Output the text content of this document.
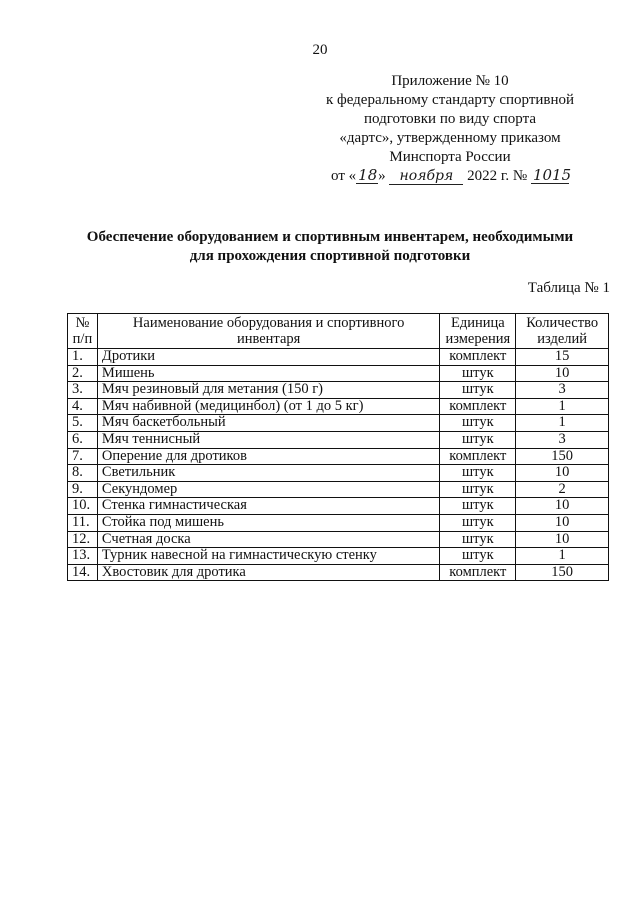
20
Приложение № 10
к федеральному стандарту спортивной
подготовки по виду спорта
«дартс», утвержденному приказом
Минспорта России
от « 18» ноября 2022 г. № 1015
Обеспечение оборудованием и спортивным инвентарем, необходимыми
для прохождения спортивной подготовки
Таблица № 1
№ п/п	Наименование оборудования и спортивного инвентаря	Единица измерения	Количество изделий
1.	Дротики	комплект	15
2.	Мишень	штук	10
3.	Мяч резиновый для метания (150 г)	штук	3
4.	Мяч набивной (медицинбол) (от 1 до 5 кг)	комплект	1
5.	Мяч баскетбольный	штук	1
6.	Мяч теннисный	штук	3
7.	Оперение для дротиков	комплект	150
8.	Светильник	штук	10
9.	Секундомер	штук	2
10.	Стенка гимнастическая	штук	10
11.	Стойка под мишень	штук	10
12.	Счетная доска	штук	10
13.	Турник навесной на гимнастическую стенку	штук	1
14.	Хвостовик для дротика	комплект	150
